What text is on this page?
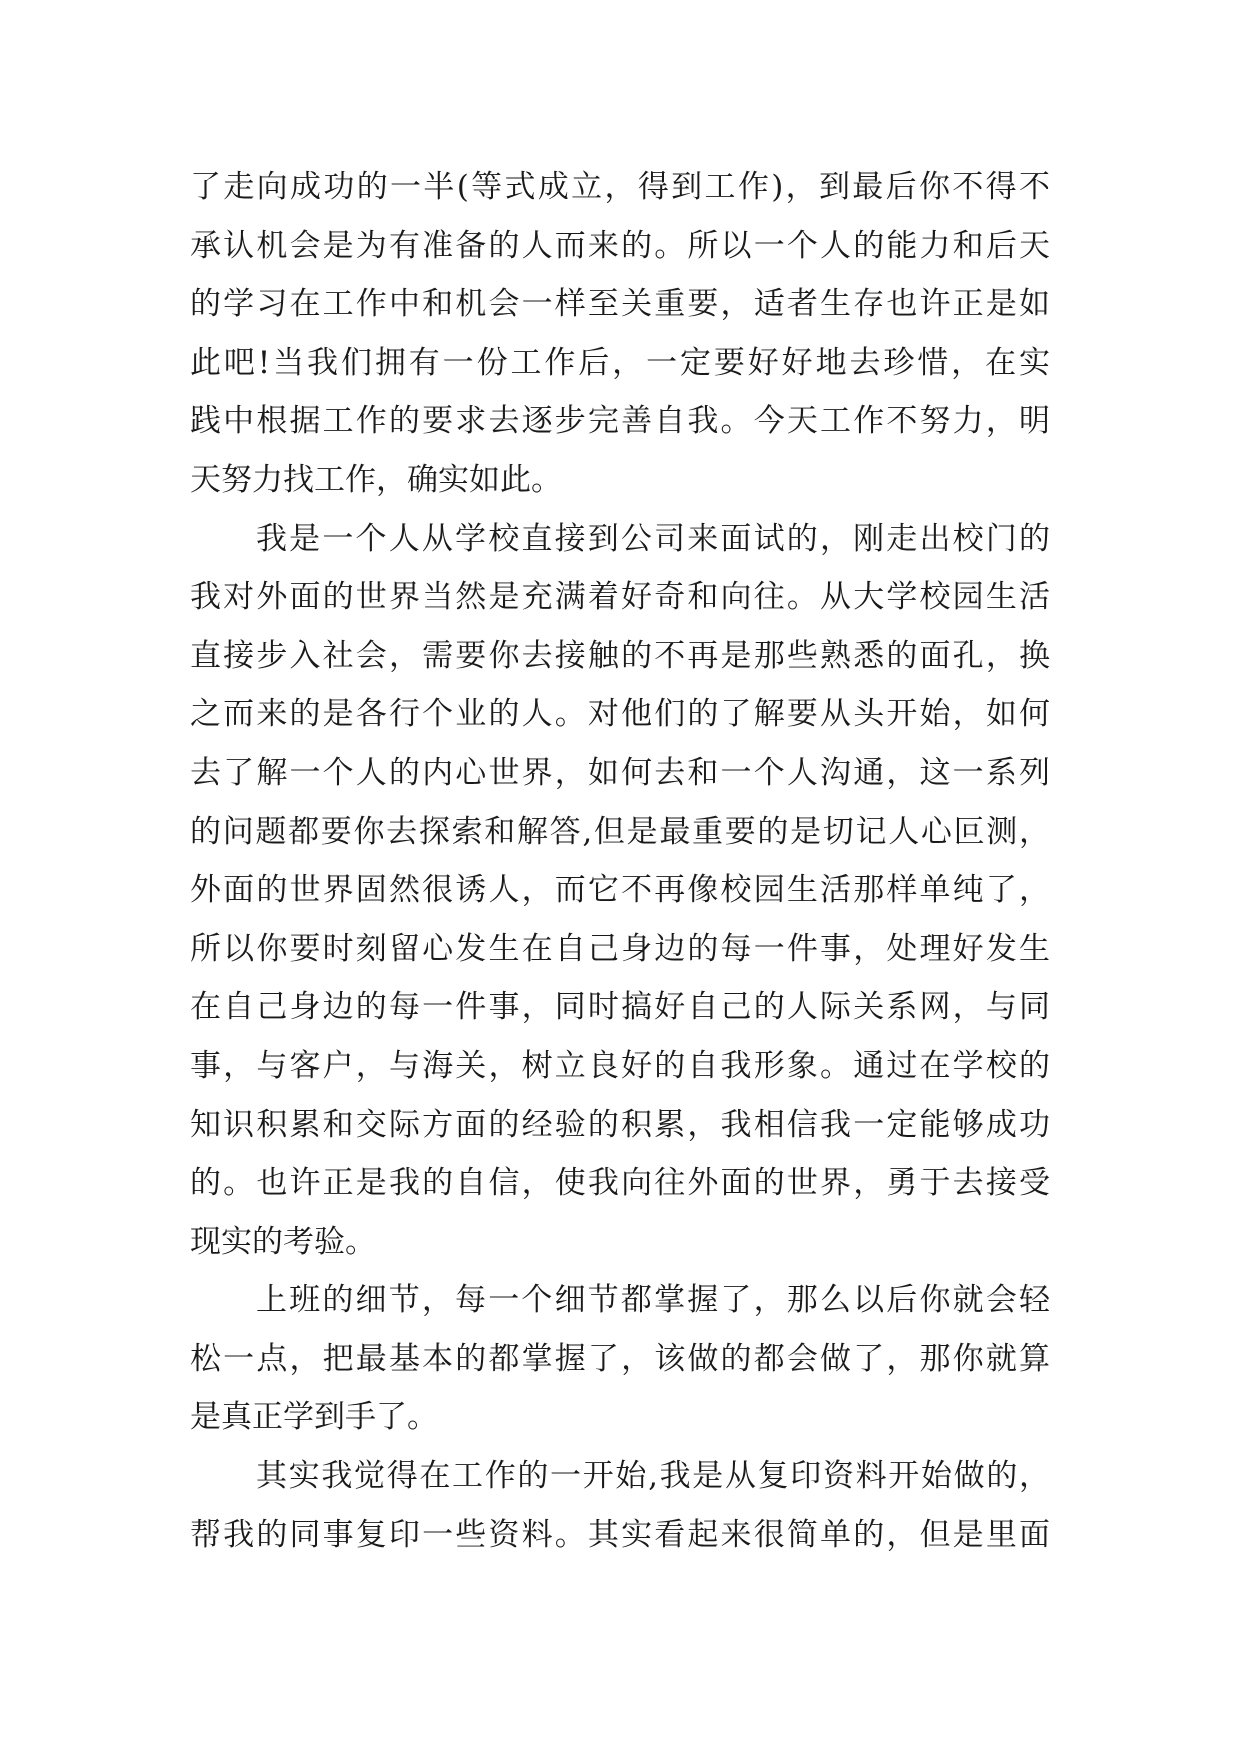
了走向成功的一半(等式成立，得到工作)，到最后你不得不
承认机会是为有准备的人而来的。所以一个人的能力和后天
的学习在工作中和机会一样至关重要，适者生存也许正是如
此吧!当我们拥有一份工作后，一定要好好地去珍惜，在实
践中根据工作的要求去逐步完善自我。今天工作不努力，明
天努力找工作，确实如此。
我是一个人从学校直接到公司来面试的，刚走出校门的
我对外面的世界当然是充满着好奇和向往。从大学校园生活
直接步入社会，需要你去接触的不再是那些熟悉的面孔，换
之而来的是各行个业的人。对他们的了解要从头开始，如何
去了解一个人的内心世界，如何去和一个人沟通，这一系列
的问题都要你去探索和解答,但是最重要的是切记人心叵测，
外面的世界固然很诱人，而它不再像校园生活那样单纯了，
所以你要时刻留心发生在自己身边的每一件事，处理好发生
在自己身边的每一件事，同时搞好自己的人际关系网，与同
事，与客户，与海关，树立良好的自我形象。通过在学校的
知识积累和交际方面的经验的积累，我相信我一定能够成功
的。也许正是我的自信，使我向往外面的世界，勇于去接受
现实的考验。
上班的细节，每一个细节都掌握了，那么以后你就会轻
松一点，把最基本的都掌握了，该做的都会做了，那你就算
是真正学到手了。
其实我觉得在工作的一开始,我是从复印资料开始做的，
帮我的同事复印一些资料。其实看起来很简单的，但是里面
